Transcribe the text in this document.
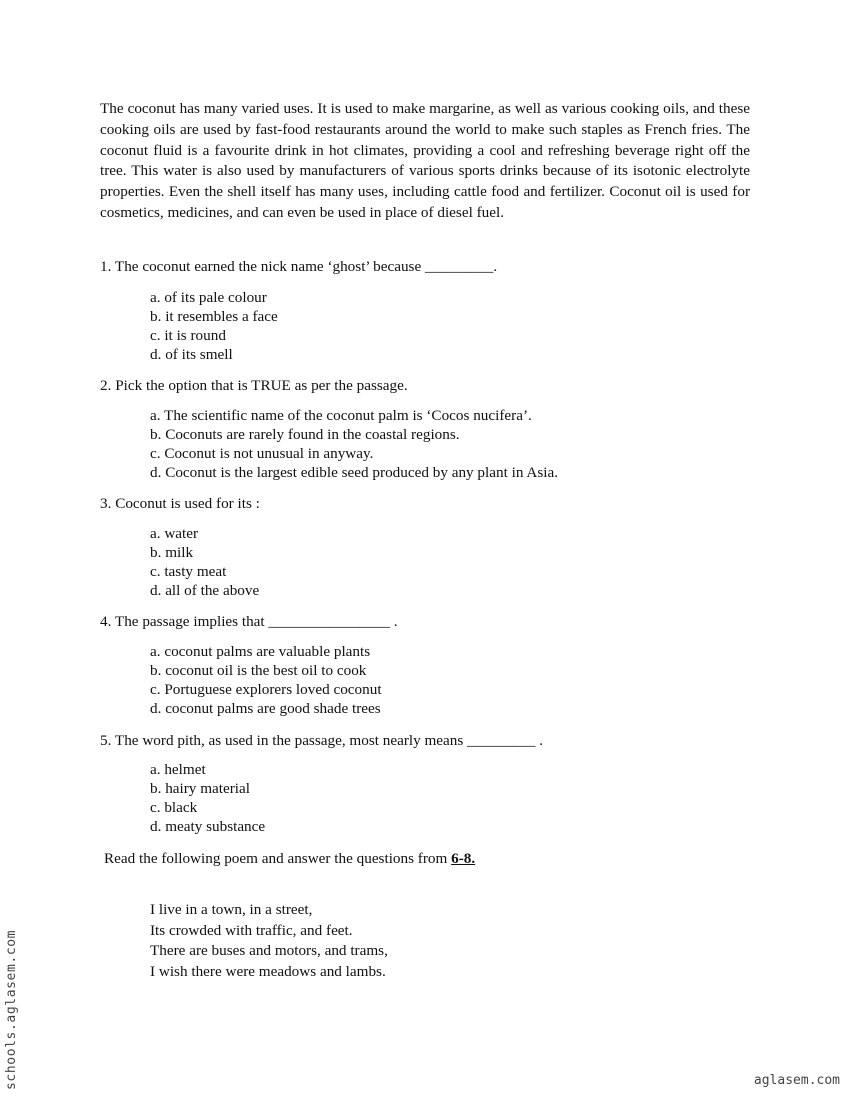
The coconut has many varied uses. It is used to make margarine, as well as various cooking oils, and these cooking oils are used by fast-food restaurants around the world to make such staples as French fries. The coconut fluid is a favourite drink in hot climates, providing a cool and refreshing beverage right off the tree. This water is also used by manufacturers of various sports drinks because of its isotonic electrolyte properties. Even the shell itself has many uses, including cattle food and fertilizer. Coconut oil is used for cosmetics, medicines, and can even be used in place of diesel fuel.

1. The coconut earned the nick name ‘ghost’ because _________.

a. of its pale colour
b. it resembles a face
c. it is round
d. of its smell

2. Pick the option that is TRUE as per the passage.

a. The scientific name of the coconut palm is ‘Cocos nucifera’.
b. Coconuts are rarely found in the coastal regions.
c. Coconut is not unusual in anyway.
d. Coconut is the largest edible seed produced by any plant in Asia.

3. Coconut is used for its :

a. water
b. milk
c. tasty meat
d. all of the above

4. The passage implies that ________________ .

a. coconut palms are valuable plants
b. coconut oil is the best oil to cook
c. Portuguese explorers loved coconut
d. coconut palms are good shade trees

5. The word pith, as used in the passage, most nearly means _________ .

a. helmet
b. hairy material
c. black
d. meaty substance
Read the following poem and answer the questions from 6-8.
I live in a town, in a street,
Its crowded with traffic, and feet.
There are buses and motors, and trams,
I wish there were meadows and lambs.
schools.aglasem.com	aglasem.com
